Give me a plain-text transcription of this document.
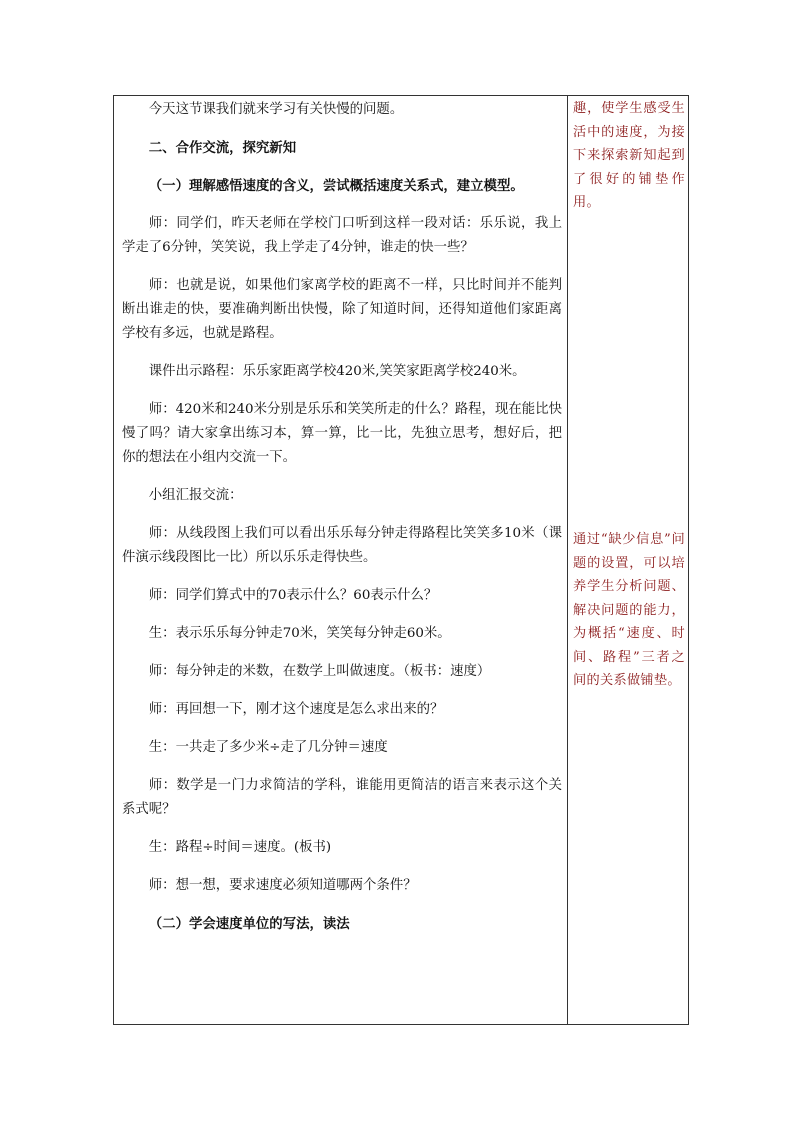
今天这节课我们就来学习有关快慢的问题。

二、合作交流，探究新知

（一）理解感悟速度的含义，尝试概括速度关系式，建立模型。

师：同学们，昨天老师在学校门口听到这样一段对话：乐乐说，我上学走了6分钟，笑笑说，我上学走了4分钟，谁走的快一些？

师：也就是说，如果他们家离学校的距离不一样，只比时间并不能判断出谁走的快，要准确判断出快慢，除了知道时间，还得知道他们家距离学校有多远，也就是路程。

课件出示路程：乐乐家距离学校420米,笑笑家距离学校240米。

师：420米和240米分别是乐乐和笑笑所走的什么？路程，现在能比快慢了吗？请大家拿出练习本，算一算，比一比，先独立思考，想好后，把你的想法在小组内交流一下。

小组汇报交流：

师：从线段图上我们可以看出乐乐每分钟走得路程比笑笑多10米（课件演示线段图比一比）所以乐乐走得快些。

师：同学们算式中的70表示什么？60表示什么？

生：表示乐乐每分钟走70米，笑笑每分钟走60米。

师：每分钟走的米数，在数学上叫做速度。（板书：速度）

师：再回想一下，刚才这个速度是怎么求出来的？

生：一共走了多少米÷走了几分钟＝速度

师：数学是一门力求简洁的学科，谁能用更简洁的语言来表示这个关系式呢？

生：路程÷时间＝速度。(板书)

师：想一想，要求速度必须知道哪两个条件？

（二）学会速度单位的写法，读法

趣，使学生感受生活中的速度，为接下来探索新知起到了很好的铺垫作用。
通过“缺少信息”问题的设置，可以培养学生分析问题、解决问题的能力，为概括“速度、时间、路程”三者之间的关系做铺垫。
